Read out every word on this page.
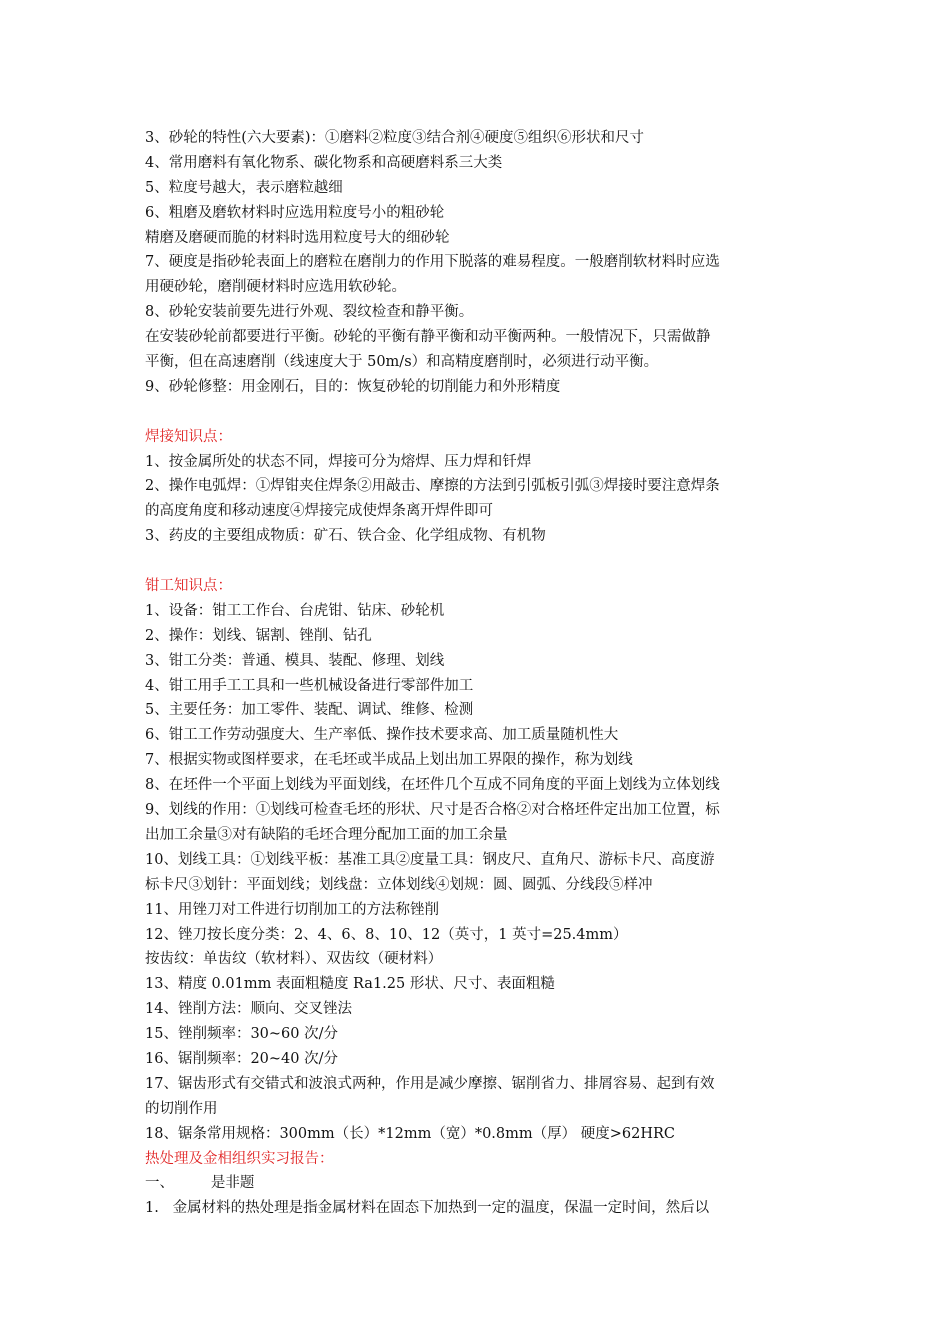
3、砂轮的特性(六大要素)：①磨料②粒度③结合剂④硬度⑤组织⑥形状和尺寸
4、常用磨料有氧化物系、碳化物系和高硬磨料系三大类
5、粒度号越大，表示磨粒越细
6、粗磨及磨软材料时应选用粒度号小的粗砂轮
精磨及磨硬而脆的材料时选用粒度号大的细砂轮
7、硬度是指砂轮表面上的磨粒在磨削力的作用下脱落的难易程度。一般磨削软材料时应选
用硬砂轮，磨削硬材料时应选用软砂轮。
8、砂轮安装前要先进行外观、裂纹检查和静平衡。
在安装砂轮前都要进行平衡。砂轮的平衡有静平衡和动平衡两种。一般情况下，只需做静
平衡，但在高速磨削（线速度大于 50m/s）和高精度磨削时，必须进行动平衡。
9、砂轮修整：用金刚石，目的：恢复砂轮的切削能力和外形精度
焊接知识点：
1、按金属所处的状态不同，焊接可分为熔焊、压力焊和钎焊
2、操作电弧焊：①焊钳夹住焊条②用敲击、摩擦的方法到引弧板引弧③焊接时要注意焊条
的高度角度和移动速度④焊接完成使焊条离开焊件即可
3、药皮的主要组成物质：矿石、铁合金、化学组成物、有机物
钳工知识点：
1、设备：钳工工作台、台虎钳、钻床、砂轮机
2、操作：划线、锯割、锉削、钻孔
3、钳工分类：普通、模具、装配、修理、划线
4、钳工用手工工具和一些机械设备进行零部件加工
5、主要任务：加工零件、装配、调试、维修、检测
6、钳工工作劳动强度大、生产率低、操作技术要求高、加工质量随机性大
7、根据实物或图样要求，在毛坯或半成品上划出加工界限的操作，称为划线
8、在坯件一个平面上划线为平面划线，在坯件几个互成不同角度的平面上划线为立体划线
9、划线的作用：①划线可检查毛坯的形状、尺寸是否合格②对合格坯件定出加工位置，标
出加工余量③对有缺陷的毛坯合理分配加工面的加工余量
10、划线工具：①划线平板：基准工具②度量工具：钢皮尺、直角尺、游标卡尺、高度游
标卡尺③划针：平面划线；划线盘：立体划线④划规：圆、圆弧、分线段⑤样冲
11、用锉刀对工件进行切削加工的方法称锉削
12、锉刀按长度分类：2、4、6、8、10、12（英寸，1 英寸=25.4mm）
按齿纹：单齿纹（软材料）、双齿纹（硬材料）
13、精度 0.01mm 表面粗糙度 Ra1.25 形状、尺寸、表面粗糙
14、锉削方法：顺向、交叉锉法
15、锉削频率：30~60 次/分
16、锯削频率：20~40 次/分
17、锯齿形式有交错式和波浪式两种，作用是减少摩擦、锯削省力、排屑容易、起到有效
的切削作用
18、锯条常用规格：300mm（长）*12mm（宽）*0.8mm（厚） 硬度>62HRC
热处理及金相组织实习报告：
一、        是非题
1.   金属材料的热处理是指金属材料在固态下加热到一定的温度，保温一定时间，然后以
